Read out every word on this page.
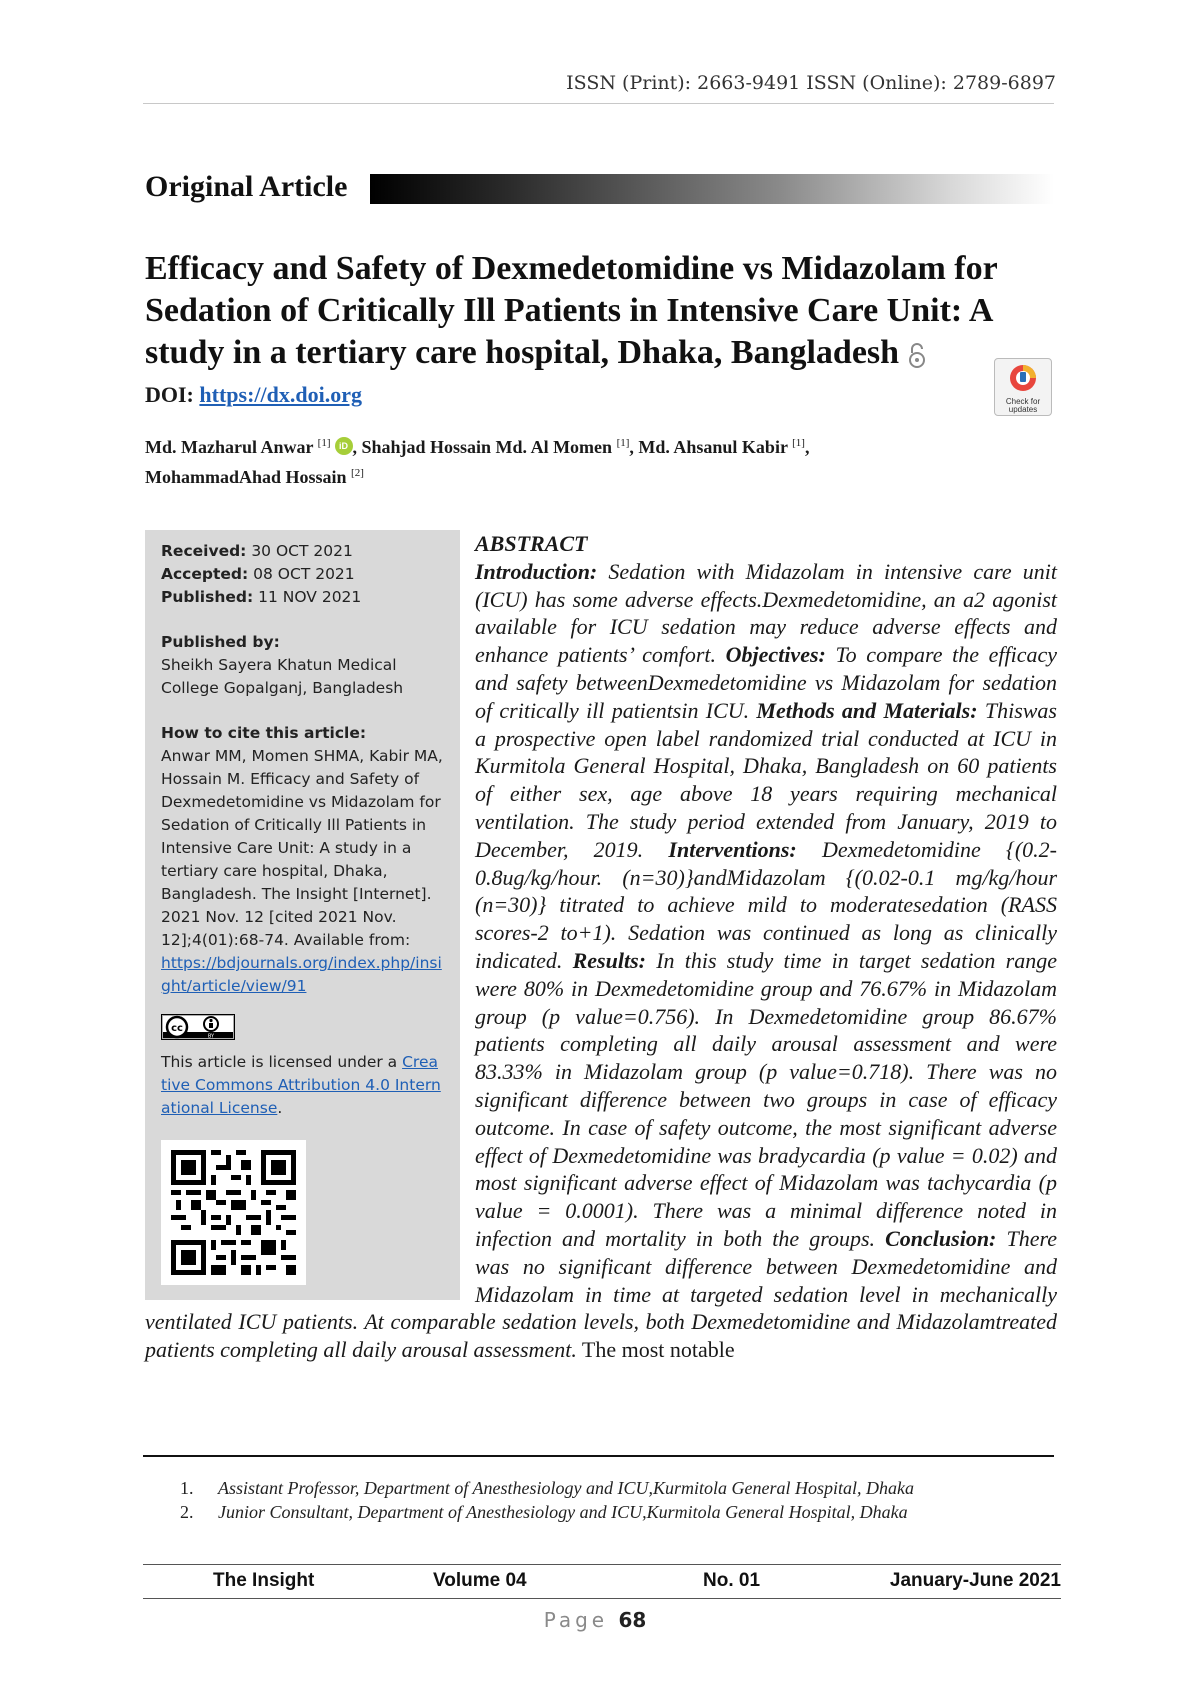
ISSN (Print): 2663-9491 ISSN (Online): 2789-6897
Original Article
Efficacy and Safety of Dexmedetomidine vs Midazolam for Sedation of Critically Ill Patients in Intensive Care Unit: A study in a tertiary care hospital, Dhaka, Bangladesh
Check for
updates
DOI: https://dx.doi.org
Md. Mazharul Anwar [1] iD , Shahjad Hossain Md. Al Momen [1], Md. Ahsanul Kabir [1],
MohammadAhad Hossain [2]
Received: 30 OCT 2021
Accepted: 08 OCT 2021
Published: 11 NOV 2021
Published by:
Sheikh Sayera Khatun Medical College Gopalganj, Bangladesh
How to cite this article:
Anwar MM, Momen SHMA, Kabir MA, Hossain M. Efficacy and Safety of Dexmedetomidine vs Midazolam for Sedation of Critically Ill Patients in Intensive Care Unit: A study in a tertiary care hospital, Dhaka, Bangladesh. The Insight [Internet]. 2021 Nov. 12 [cited 2021 Nov. 12];4(01):68-74. Available from:
https://bdjournals.org/index.php/insight/article/view/91
cc
BY
This article is licensed under a Creative Commons Attribution 4.0 International License.
ABSTRACT
Introduction: Sedation with Midazolam in intensive care unit (ICU) has some adverse effects.Dexmedetomidine, an a2 agonist available for ICU sedation may reduce adverse effects and enhance patients’ comfort. Objectives: To compare the efficacy and safety betweenDexmedetomidine vs Midazolam for sedation of critically ill patientsin ICU. Methods and Materials: Thiswas a prospective open label randomized trial conducted at ICU in Kurmitola General Hospital, Dhaka, Bangladesh on 60 patients of either sex, age above 18 years requiring mechanical ventilation. The study period extended from January, 2019 to December, 2019. Interventions: Dexmedetomidine {(0.2-0.8ug/kg/hour. (n=30)}andMidazolam {(0.02-0.1 mg/kg/hour (n=30)} titrated to achieve mild to moderatesedation (RASS scores-2 to+1). Sedation was continued as long as clinically indicated. Results: In this study time in target sedation range were 80% in Dexmedetomidine group and 76.67% in Midazolam group (p value=0.756). In Dexmedetomidine group 86.67% patients completing all daily arousal assessment and were 83.33% in Midazolam group (p value=0.718). There was no significant difference between two groups in case of efficacy outcome. In case of safety outcome, the most significant adverse effect of Dexmedetomidine was bradycardia (p value = 0.02) and most significant adverse effect of Midazolam was tachycardia (p value = 0.0001). There was a minimal difference noted in infection and mortality in both the groups. Conclusion: There was no significant difference between Dexmedetomidine and Midazolam in time at targeted sedation level in mechanically ventilated ICU patients. At comparable sedation levels, both Dexmedetomidine and Midazolamtreated patients completing all daily arousal assessment. The most notable
1. Assistant Professor, Department of Anesthesiology and ICU,Kurmitola General Hospital, Dhaka
2. Junior Consultant, Department of Anesthesiology and ICU,Kurmitola General Hospital, Dhaka
The Insight	Volume 04	No. 01	January-June 2021
Page 68
